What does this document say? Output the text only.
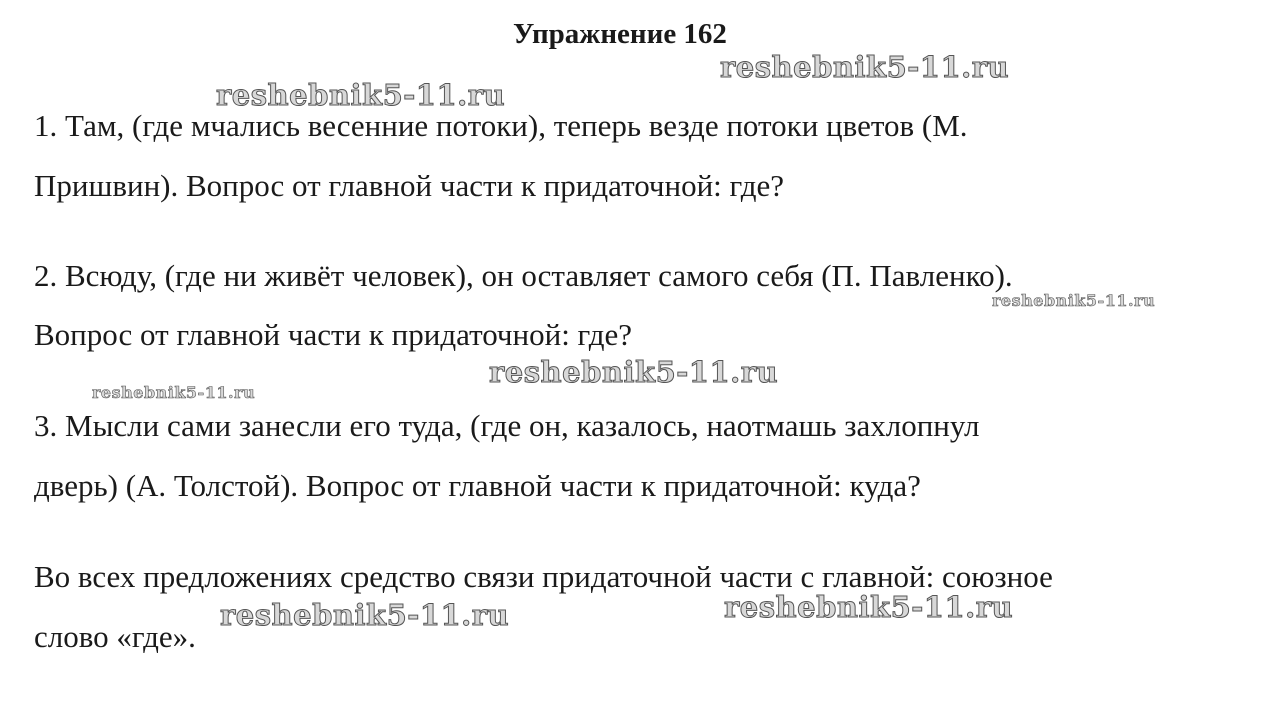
Упражнение 162
1. Там, (где мчались весенние потоки), теперь везде потоки цветов (М.
Пришвин). Вопрос от главной части к придаточной: где?
2. Всюду, (где ни живёт человек), он оставляет самого себя (П. Павленко).
Вопрос от главной части к придаточной: где?
3. Мысли сами занесли его туда, (где он, казалось, наотмашь захлопнул
дверь) (А. Толстой). Вопрос от главной части к придаточной: куда?
Во всех предложениях средство связи придаточной части с главной: союзное
слово «где».
reshebnik5-11.ru
reshebnik5-11.ru
reshebnik5-11.ru
reshebnik5-11.ru
reshebnik5-11.ru
reshebnik5-11.ru
reshebnik5-11.ru
